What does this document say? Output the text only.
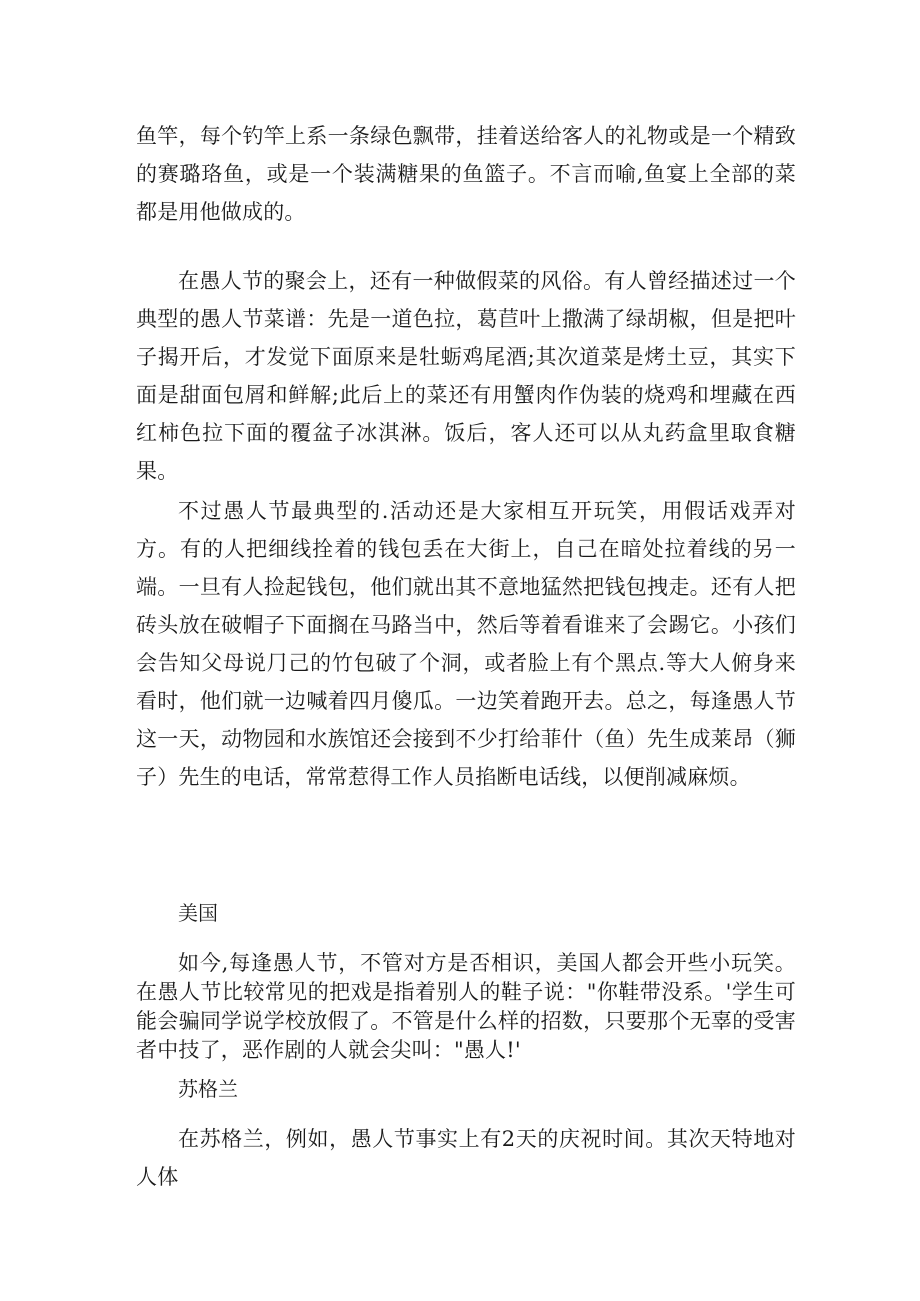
鱼竿，每个钓竿上系一条绿色飘带，挂着送给客人的礼物或是一个精致的赛璐珞鱼，或是一个装满糖果的鱼篮子。不言而喻,鱼宴上全部的菜都是用他做成的。

在愚人节的聚会上，还有一种做假菜的风俗。有人曾经描述过一个典型的愚人节菜谱：先是一道色拉，葛苣叶上撒满了绿胡椒，但是把叶子揭开后，才发觉下面原来是牡蛎鸡尾酒;其次道菜是烤土豆，其实下面是甜面包屑和鲜解;此后上的菜还有用蟹肉作伪装的烧鸡和埋藏在西红柿色拉下面的覆盆子冰淇淋。饭后，客人还可以从丸药盒里取食糖果。

不过愚人节最典型的.活动还是大家相互开玩笑，用假话戏弄对方。有的人把细线拴着的钱包丢在大街上，自己在暗处拉着线的另一端。一旦有人捡起钱包，他们就出其不意地猛然把钱包拽走。还有人把砖头放在破帽子下面搁在马路当中，然后等着看谁来了会踢它。小孩们会告知父母说⺆己的竹包破了个洞，或者脸上有个黑点.等大人俯身来看时，他们就一边喊着四月傻瓜。一边笑着跑开去。总之，每逢愚人节这一天，动物园和水族馆还会接到不少打给菲什（鱼）先生成莱昂（狮子）先生的电话，常常惹得工作人员掐断电话线，以便削减麻烦。

美国

如今,每逢愚人节，不管对方是否相识，美国人都会开些小玩笑。在愚人节比较常见的把戏是指着别人的鞋子说："你鞋带没系。'学生可能会骗同学说学校放假了。不管是什么样的招数，只要那个无辜的受害者中技了，恶作剧的人就会尖叫："愚人!'

苏格兰

在苏格兰，例如，愚人节事实上有2天的庆祝时间。其次天特地对人体
